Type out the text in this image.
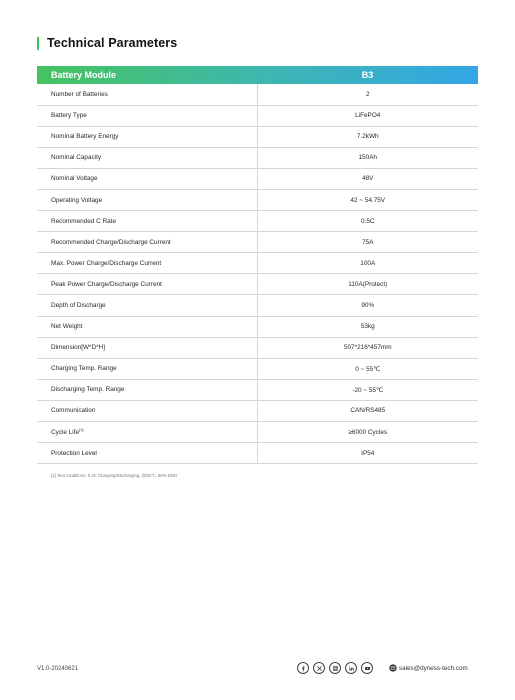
Technical Parameters
Battery Module	B3
Number of Batteries	2
Battery Type	LiFePO4
Nominal Battery Energy	7.2kWh
Nominal Capacity	150Ah
Nominal Voltage	48V
Operating Voltage	42 ~ 54.75V
Recommended C Rate	0.5C
Recommended Charge/Discharge Current	75A
Max. Power Charge/Discharge Current	100A
Peak Power Charge/Discharge Current	110A(Protect)
Depth of Discharge	90%
Net Weight	53kg
Dimension[W*D*H]	507*216*457mm
Charging Temp. Range	0 ~ 55℃
Discharging Temp. Range	-20 ~ 55℃
Communication	CAN/RS485
Cycle Life[1]	≥6000 Cycles
Protection Level	IP54
[1] Test conditions: 0.2C Charging/Discharging, @25℃, 90% DOD
V1.0-20240621	sales@dyness-tech.com
